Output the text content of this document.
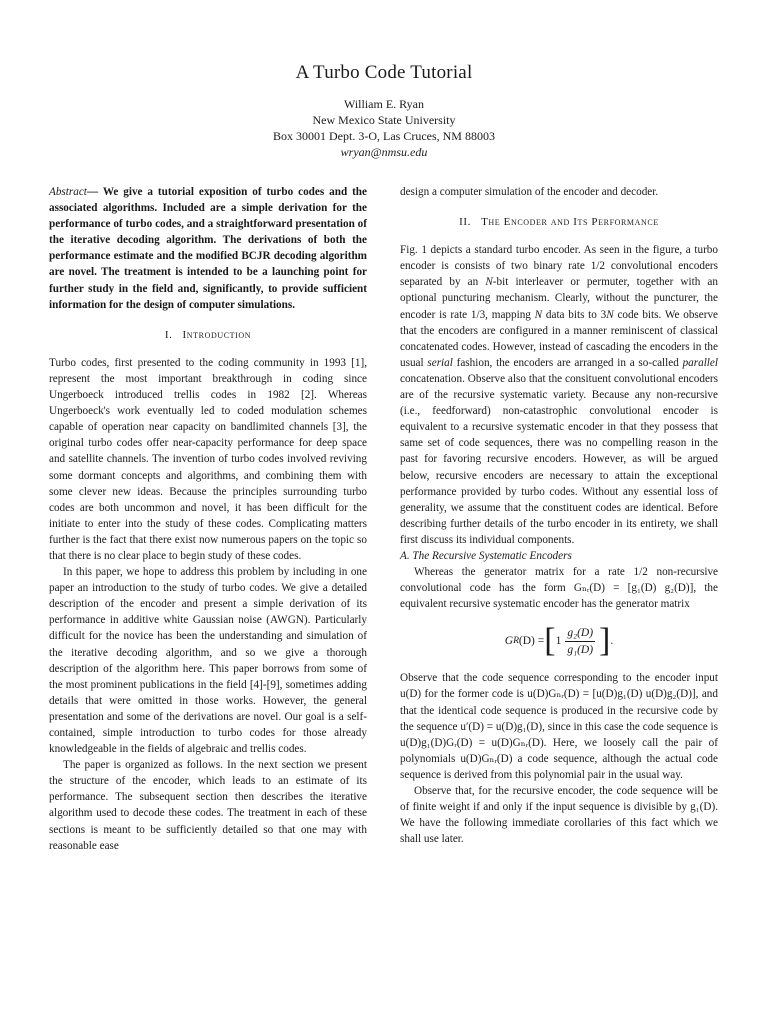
A Turbo Code Tutorial

William E. Ryan

New Mexico State University

Box 30001 Dept. 3-O, Las Cruces, NM 88003

wryan@nmsu.edu

Abstract— We give a tutorial exposition of turbo codes and the associated algorithms. Included are a simple derivation for the performance of turbo codes, and a straightforward presentation of the iterative decoding algorithm. The derivations of both the performance estimate and the modified BCJR decoding algorithm are novel. The treatment is intended to be a launching point for further study in the field and, significantly, to provide sufficient information for the design of computer simulations.

I. Introduction

Turbo codes, first presented to the coding community in 1993 [1], represent the most important breakthrough in coding since Ungerboeck introduced trellis codes in 1982 [2]. Whereas Ungerboeck's work eventually led to coded modulation schemes capable of operation near capacity on bandlimited channels [3], the original turbo codes offer near-capacity performance for deep space and satellite channels. The invention of turbo codes involved reviving some dormant concepts and algorithms, and combining them with some clever new ideas. Because the principles surrounding turbo codes are both uncommon and novel, it has been difficult for the initiate to enter into the study of these codes. Complicating matters further is the fact that there exist now numerous papers on the topic so that there is no clear place to begin study of these codes.

In this paper, we hope to address this problem by including in one paper an introduction to the study of turbo codes. We give a detailed description of the encoder and present a simple derivation of its performance in additive white Gaussian noise (AWGN). Particularly difficult for the novice has been the understanding and simulation of the iterative decoding algorithm, and so we give a thorough description of the algorithm here. This paper borrows from some of the most prominent publications in the field [4]-[9], sometimes adding details that were omitted in those works. However, the general presentation and some of the derivations are novel. Our goal is a self-contained, simple introduction to turbo codes for those already knowledgeable in the fields of algebraic and trellis codes.

The paper is organized as follows. In the next section we present the structure of the encoder, which leads to an estimate of its performance. The subsequent section then describes the iterative algorithm used to decode these codes. The treatment in each of these sections is meant to be sufficiently detailed so that one may with reasonable ease

design a computer simulation of the encoder and decoder.

II. The Encoder and Its Performance

Fig. 1 depicts a standard turbo encoder. As seen in the figure, a turbo encoder is consists of two binary rate 1/2 convolutional encoders separated by an N-bit interleaver or permuter, together with an optional puncturing mechanism. Clearly, without the puncturer, the encoder is rate 1/3, mapping N data bits to 3N code bits. We observe that the encoders are configured in a manner reminiscent of classical concatenated codes. However, instead of cascading the encoders in the usual serial fashion, the encoders are arranged in a so-called parallel concatenation. Observe also that the consituent convolutional encoders are of the recursive systematic variety. Because any non-recursive (i.e., feedforward) non-catastrophic convolutional encoder is equivalent to a recursive systematic encoder in that they possess that same set of code sequences, there was no compelling reason in the past for favoring recursive encoders. However, as will be argued below, recursive encoders are necessary to attain the exceptional performance provided by turbo codes. Without any essential loss of generality, we assume that the constituent codes are identical. Before describing further details of the turbo encoder in its entirety, we shall first discuss its individual components.

A. The Recursive Systematic Encoders

Whereas the generator matrix for a rate 1/2 non-recursive convolutional code has the form Gₙᵣ(D) = [g₁(D) g₂(D)], the equivalent recursive systematic encoder has the generator matrix

G R (D) = [ $1 \frac{\text{g₂(D)}}{\text{g₁(D)}}$ ] .

Observe that the code sequence corresponding to the encoder input u(D) for the former code is u(D)Gₙᵣ(D) = [u(D)g₁(D) u(D)g₂(D)], and that the identical code sequence is produced in the recursive code by the sequence u′(D) = u(D)g₁(D), since in this case the code sequence is u(D)g₁(D)Gᵣ(D) = u(D)Gₙᵣ(D). Here, we loosely call the pair of polynomials u(D)Gₙᵣ(D) a code sequence, although the actual code sequence is derived from this polynomial pair in the usual way.

Observe that, for the recursive encoder, the code sequence will be of finite weight if and only if the input sequence is divisible by g₁(D). We have the following immediate corollaries of this fact which we shall use later.
